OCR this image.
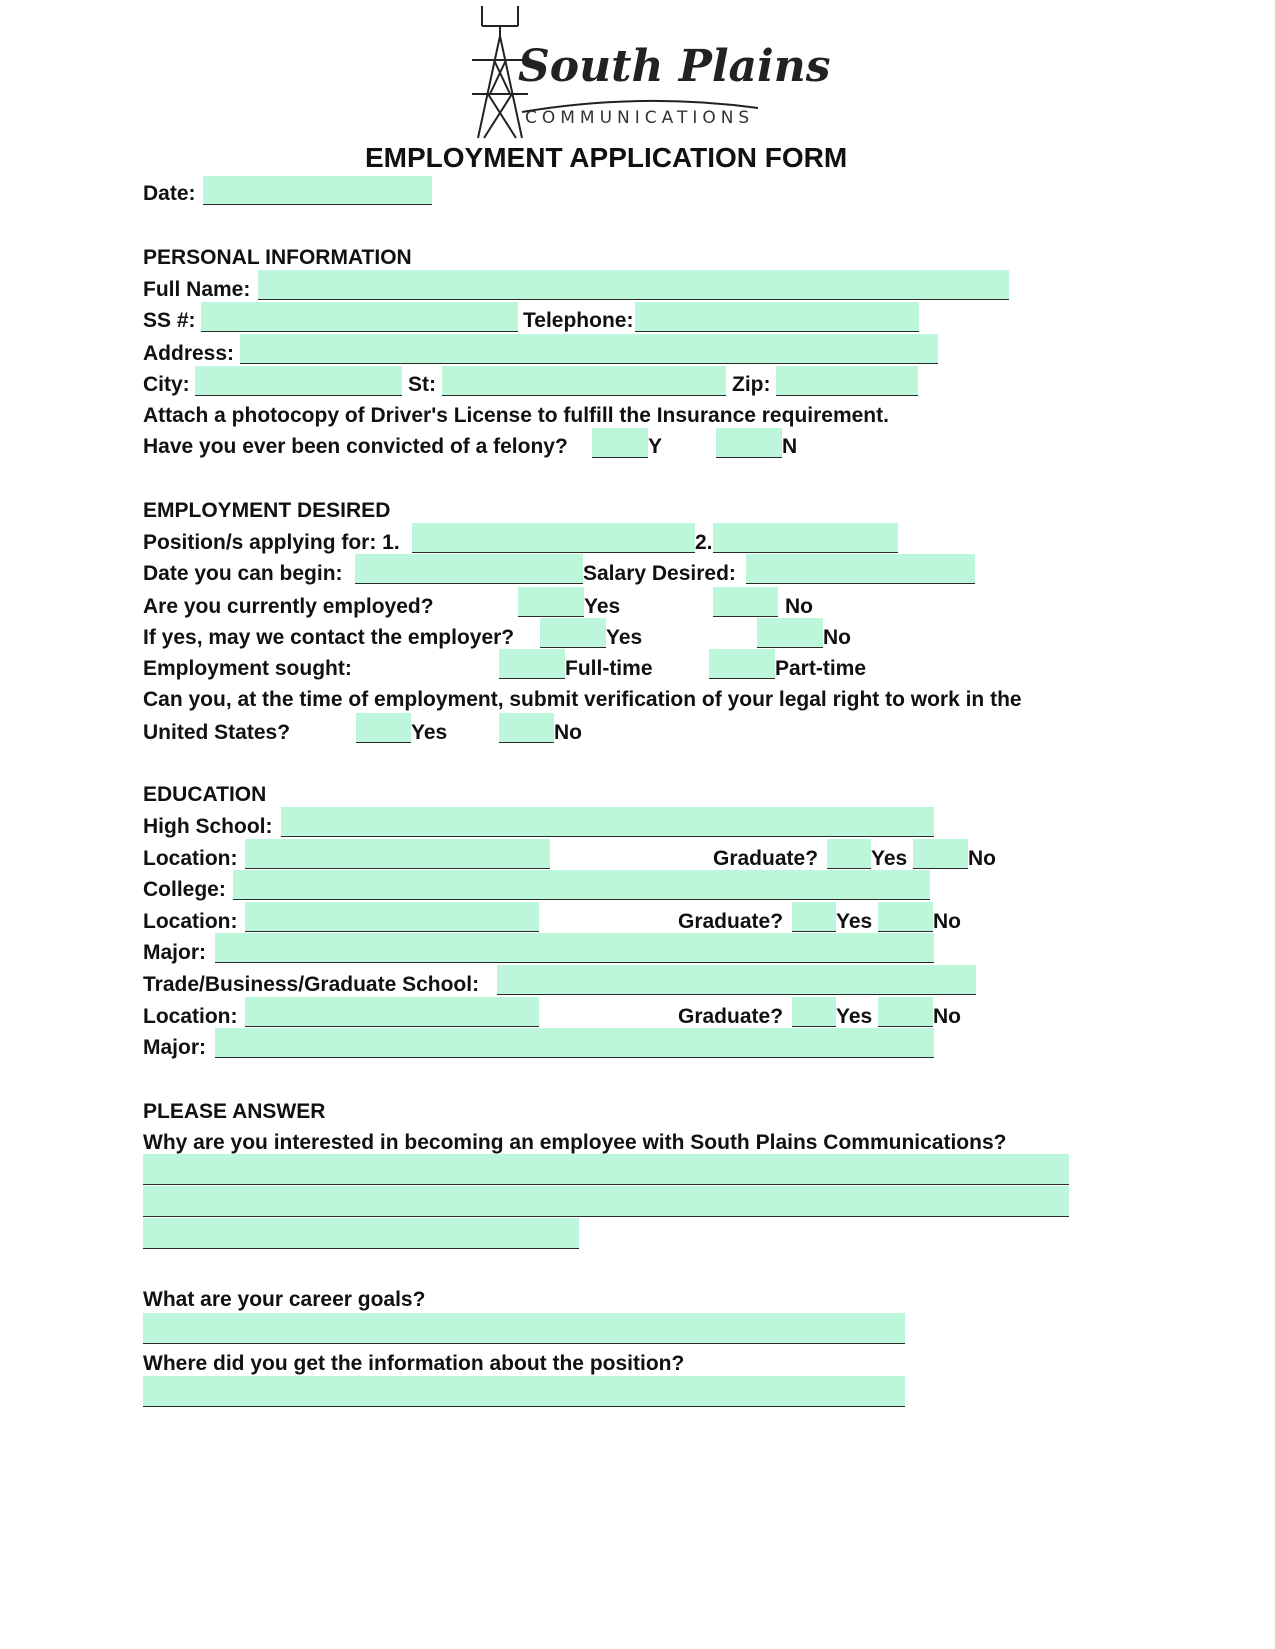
South Plains
COMMUNICATIONS
EMPLOYMENT APPLICATION FORM
Date:
PERSONAL INFORMATION
Full Name:
SS #:	Telephone:
Address:
City:	St:	Zip:
Attach a photocopy of Driver's License to fulfill the Insurance requirement.
Have you ever been convicted of a felony?	Y	N
EMPLOYMENT DESIRED
Position/s applying for: 1.	2.
Date you can begin:	Salary Desired:
Are you currently employed?	Yes	No
If yes, may we contact the employer?	Yes	No
Employment sought:	Full-time	Part-time
Can you, at the time of employment, submit verification of your legal right to work in the
United States?	Yes	No
EDUCATION
High School:
Location:	Graduate?	Yes	No
College:
Location:	Graduate?	Yes	No
Major:
Trade/Business/Graduate School:
Location:	Graduate?	Yes	No
Major:
PLEASE ANSWER
Why are you interested in becoming an employee with South Plains Communications?
What are your career goals?
Where did you get the information about the position?
